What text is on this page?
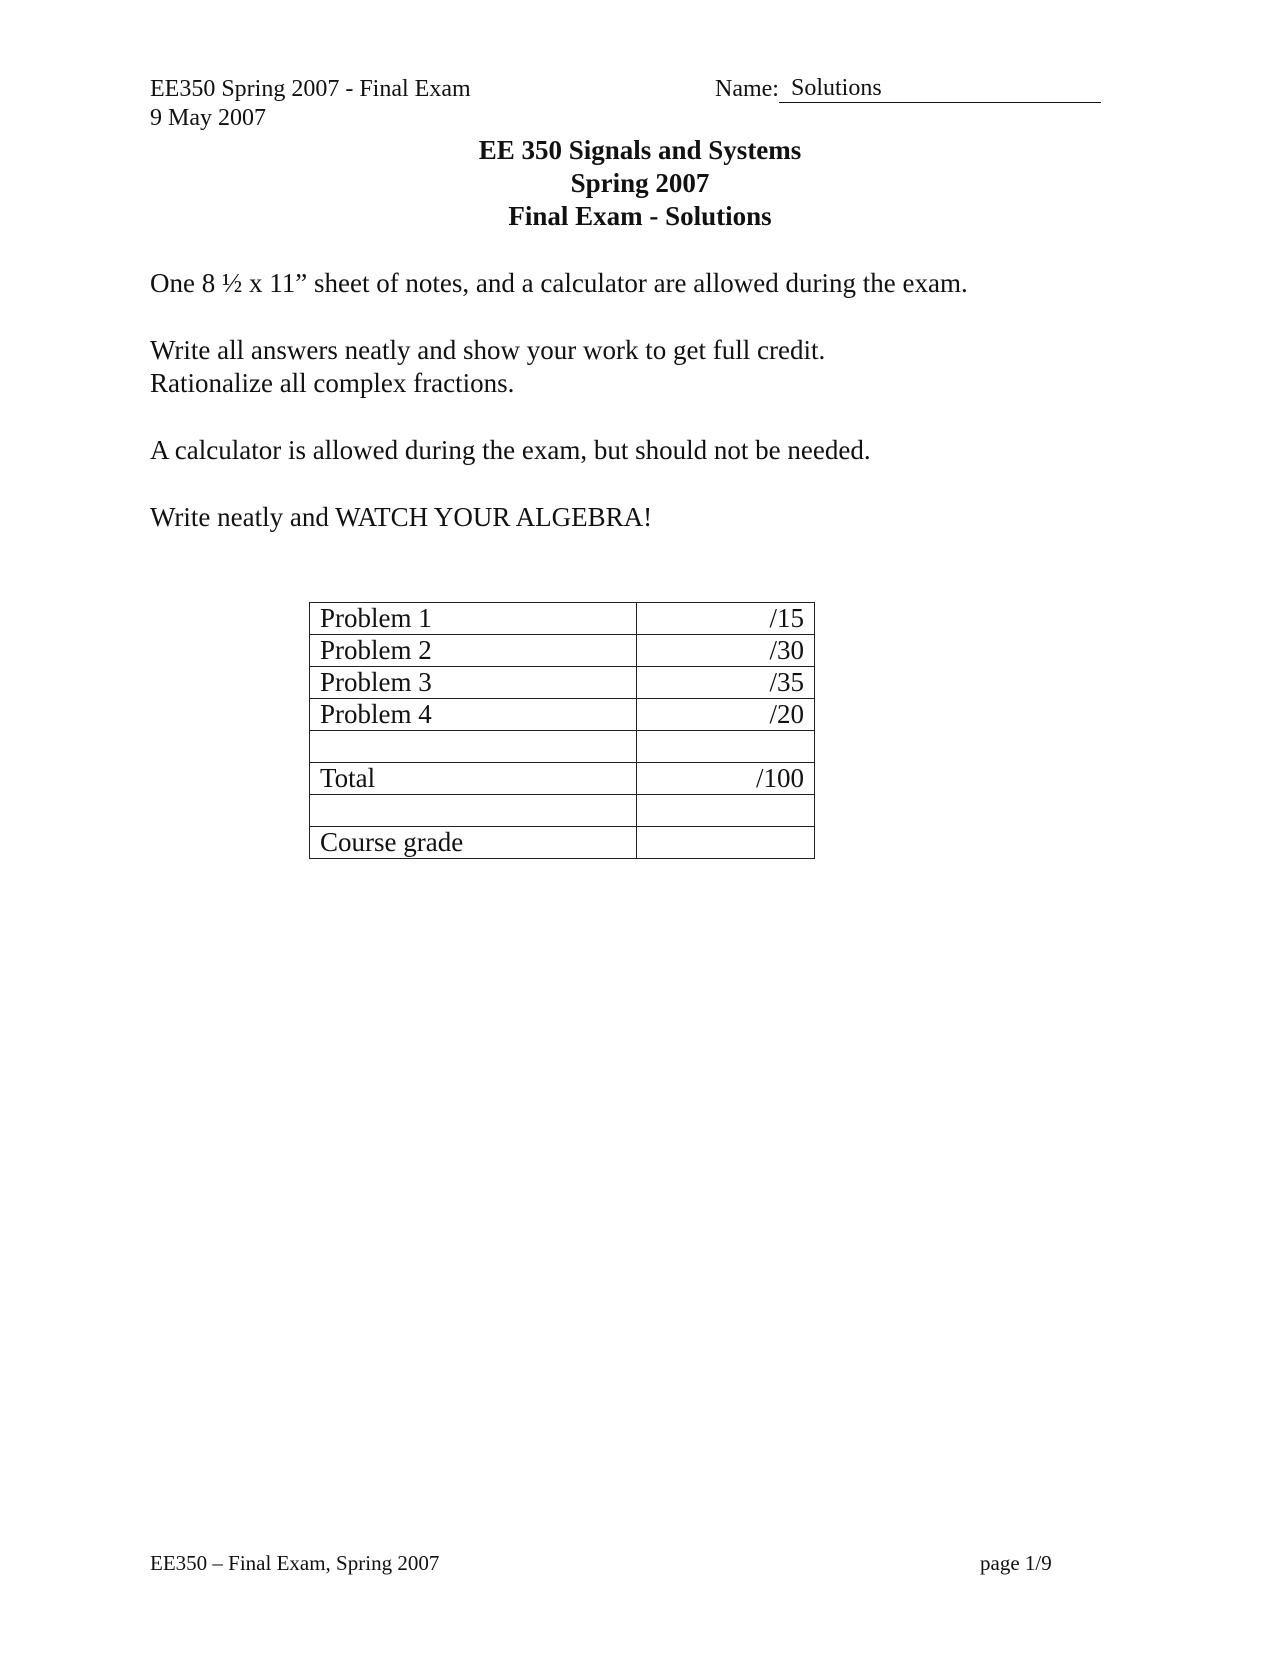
EE350 Spring 2007 - Final Exam
9 May 2007
Name: Solutions
EE 350 Signals and Systems
Spring 2007
Final Exam - Solutions
One 8 ½ x 11” sheet of notes, and a calculator are allowed during the exam.
Write all answers neatly and show your work to get full credit.
Rationalize all complex fractions.
A calculator is allowed during the exam, but should not be needed.
Write neatly and WATCH YOUR ALGEBRA!
Problem 1	/15
Problem 2	/30
Problem 3	/35
Problem 4	/20

Total	/100

Course grade	
EE350 – Final Exam, Spring 2007	page 1/9
